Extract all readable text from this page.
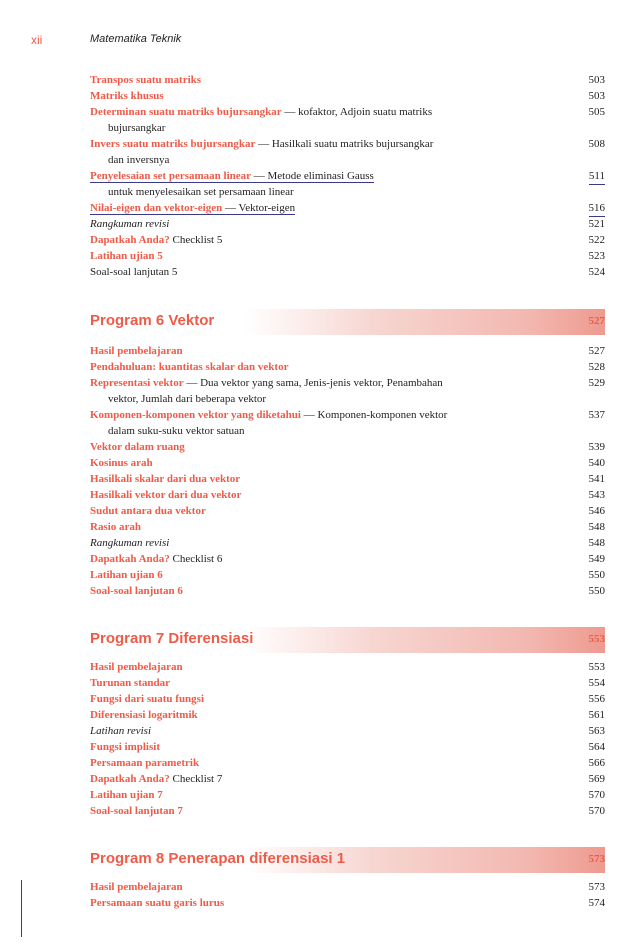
xii	Matematika Teknik
Transpos suatu matriks	503
Matriks khusus	503
Determinan suatu matriks bujursangkar — kofaktor, Adjoin suatu matriks	505
bujursangkar
Invers suatu matriks bujursangkar — Hasilkali suatu matriks bujursangkar	508
dan inversnya
Penyelesaian set persamaan linear — Metode eliminasi Gauss	511
untuk menyelesaikan set persamaan linear
Nilai-eigen dan vektor-eigen — Vektor-eigen	516
Rangkuman revisi	521
Dapatkah Anda? Checklist 5	522
Latihan ujian 5	523
Soal-soal lanjutan 5	524
Program 6 Vektor	527
Hasil pembelajaran	527
Pendahuluan: kuantitas skalar dan vektor	528
Representasi vektor — Dua vektor yang sama, Jenis-jenis vektor, Penambahan	529
vektor, Jumlah dari beberapa vektor
Komponen-komponen vektor yang diketahui — Komponen-komponen vektor	537
dalam suku-suku vektor satuan
Vektor dalam ruang	539
Kosinus arah	540
Hasilkali skalar dari dua vektor	541
Hasilkali vektor dari dua vektor	543
Sudut antara dua vektor	546
Rasio arah	548
Rangkuman revisi	548
Dapatkah Anda? Checklist 6	549
Latihan ujian 6	550
Soal-soal lanjutan 6	550
Program 7 Diferensiasi	553
Hasil pembelajaran	553
Turunan standar	554
Fungsi dari suatu fungsi	556
Diferensiasi logaritmik	561
Latihan revisi	563
Fungsi implisit	564
Persamaan parametrik	566
Dapatkah Anda? Checklist 7	569
Latihan ujian 7	570
Soal-soal lanjutan 7	570
Program 8 Penerapan diferensiasi 1	573
Hasil pembelajaran	573
Persamaan suatu garis lurus	574
